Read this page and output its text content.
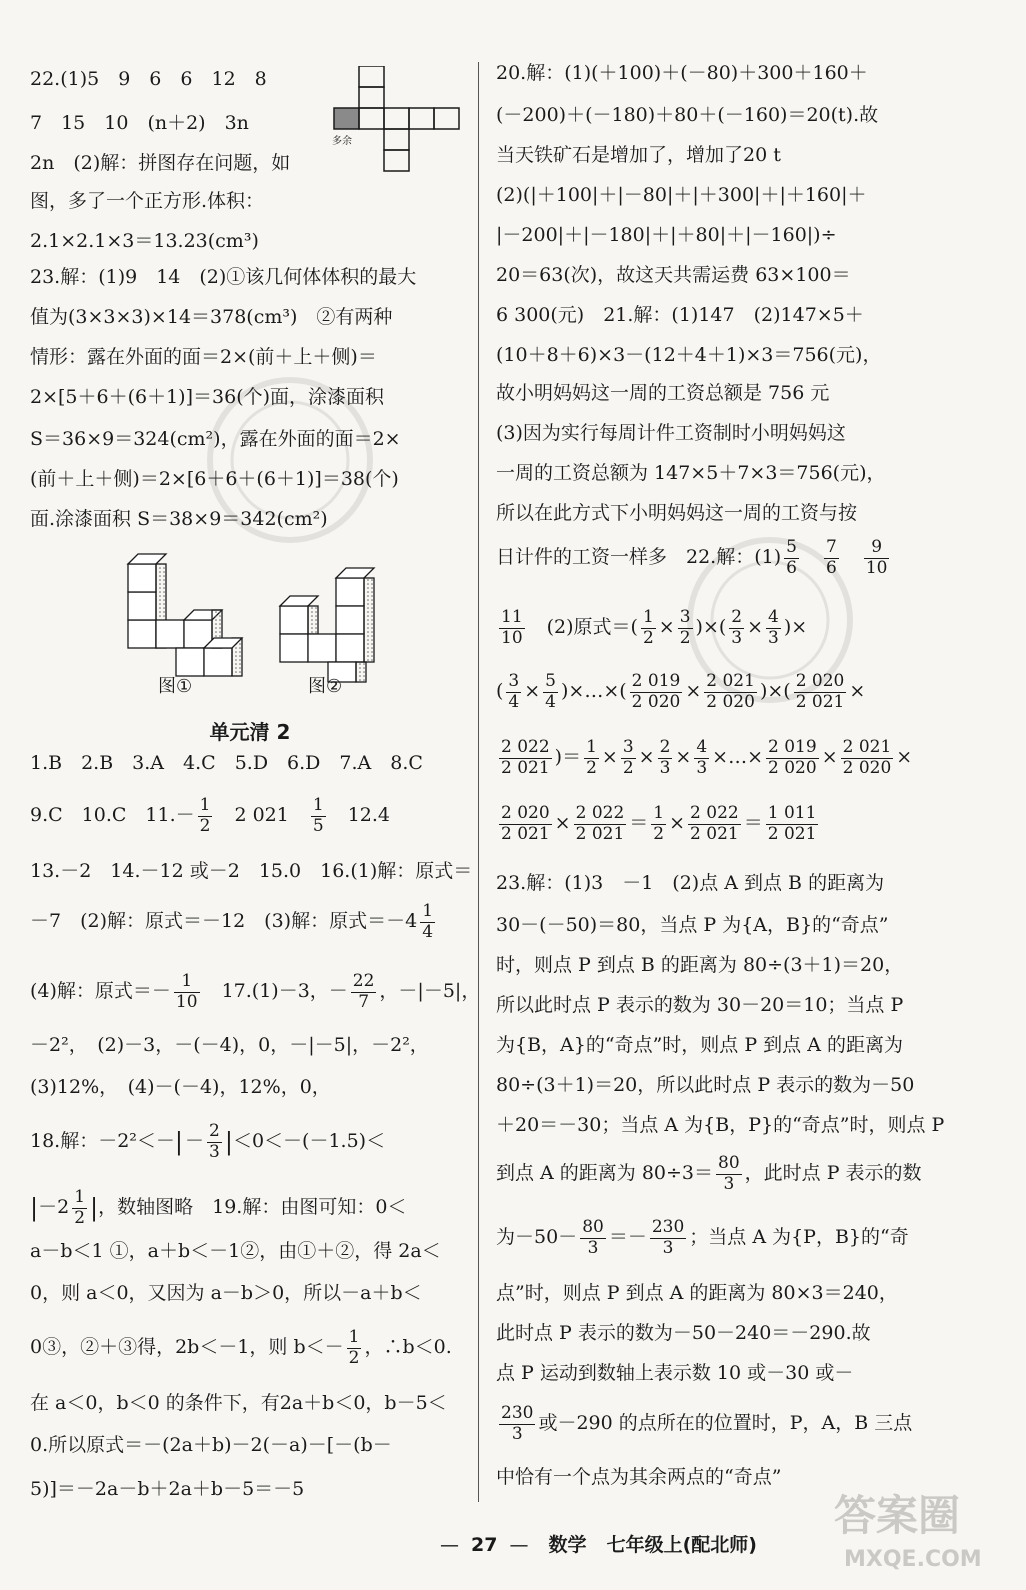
22.(1)5　9　6　6　12　8
7　15　10　(n＋2)　3n
2n　(2)解：拼图存在问题，如
图，多了一个正方形.体积：
2.1×2.1×3＝13.23(cm³)
23.解：(1)9　14　(2)①该几何体体积的最大
值为(3×3×3)×14＝378(cm³)　②有两种
情形：露在外面的面＝2×(前＋上＋侧)＝
2×[5＋6＋(6＋1)]＝36(个)面，涂漆面积
S＝36×9＝324(cm²)，露在外面的面＝2×
(前＋上＋侧)＝2×[6＋6＋(6＋1)]＝38(个)
面.涂漆面积 S＝38×9＝342(cm²)
单元清 2
1.B　2.B　3.A　4.C　5.D　6.D　7.A　8.C
9.C　10.C　$11.- \frac{1}{2}$ 　2 021　 $\frac{1}{5}$ 　12.4
13.－2　14.－12 或－2　15.0　16.(1)解：原式＝
－7　(2)解：原式＝－12　(3)解：原式$=-4 \frac{1}{4}$
(4)解：原式＝－ $\frac{1}{10}$ 　17.(1)－3，－ $\frac{22}{7}$ ，－|－5|，
－2²，　(2)－3，－(－4)，0，－|－5|，－2²，
(3)12%，　(4)－(－4)，12%，0，
18.解：$-2^2<-| - \frac{2}{3} |<0<-(-1.5)<$
$|-2 \frac{1}{2}$ |，数轴图略　19.解：由图可知：0＜
a－b＜1 ①，a＋b＜－1②，由①＋②，得 2a＜
0，则 a＜0，又因为 a－b＞0，所以－a＋b＜
0③，②＋③得，2b＜－1，则 $b<- \frac{1}{2}$ ，∴b＜0.
在 a＜0，b＜0 的条件下，有2a＋b＜0，b－5＜
0.所以原式＝－(2a＋b)－2(－a)－[－(b－
5)]＝－2a－b＋2a＋b－5＝－5
多余
图①	图②
20.解：(1)(＋100)＋(－80)＋300＋160＋
(－200)＋(－180)＋80＋(－160)＝20(t).故
当天铁矿石是增加了，增加了20 t
(2)(|＋100|＋|－80|＋|＋300|＋|＋160|＋
|－200|＋|－180|＋|＋80|＋|－160|)÷
20＝63(次)，故这天共需运费 63×100＝
6 300(元)　21.解：(1)147　(2)147×5＋
(10＋8＋6)×3－(12＋4＋1)×3＝756(元)，
故小明妈妈这一周的工资总额是 756 元
(3)因为实行每周计件工资制时小明妈妈这
一周的工资总额为 147×5＋7×3＝756(元)，
所以在此方式下小明妈妈这一周的工资与按
日计件的工资一样多　22.解：$(1) \frac{5}{6}$
　 $\frac{7}{6}$
　 $\frac{9}{10}$
$\frac{11}{10}$ 　(2)原式＝( $\frac{1}{2} \times \frac{3}{2}$ )×( $\frac{2}{3} \times \frac{4}{3}$ )×
( $\frac{3}{4} \times \frac{5}{4}$ )×…×( $\frac{2 019}{2 020} \times \frac{2 021}{2 020}$ )×( $\frac{2 020}{2 021}$ ×
$\frac{2 022}{2 021}$ )＝ $\frac{1}{2} \times \frac{3}{2} \times \frac{2}{3} \times \frac{4}{3}$ ×…× $\frac{2 019}{2 020} \times \frac{2 021}{2 020}$ ×
$\frac{2 020}{2 021} \times \frac{2 022}{2 021} = \frac{1}{2} \times \frac{2 022}{2 021} = \frac{1 011}{2 021}$
23.解：(1)3　－1　(2)点 A 到点 B 的距离为
30－(－50)＝80，当点 P 为{A，B}的“奇点”
时，则点 P 到点 B 的距离为 80÷(3＋1)＝20，
所以此时点 P 表示的数为 30－20＝10；当点 P
为{B，A}的“奇点”时，则点 P 到点 A 的距离为
80÷(3＋1)＝20，所以此时点 P 表示的数为－50
＋20＝－30；当点 A 为{B，P}的“奇点”时，则点 P
到点 A 的距离为 $80\div 3= \frac{80}{3}$ ，此时点 P 表示的数
为$-50- \frac{80}{3} =- \frac{230}{3}$ ；当点 A 为{P，B}的“奇
点”时，则点 P 到点 A 的距离为 80×3＝240，
此时点 P 表示的数为－50－240＝－290.故
点 P 运动到数轴上表示数 10 或－30 或－
$\frac{230}{3}$ 或－290 的点所在的位置时，P，A，B 三点
中恰有一个点为其余两点的“奇点”
— 27 — 数学 七年级上(配北师)
答案圈
MXQE.COM
